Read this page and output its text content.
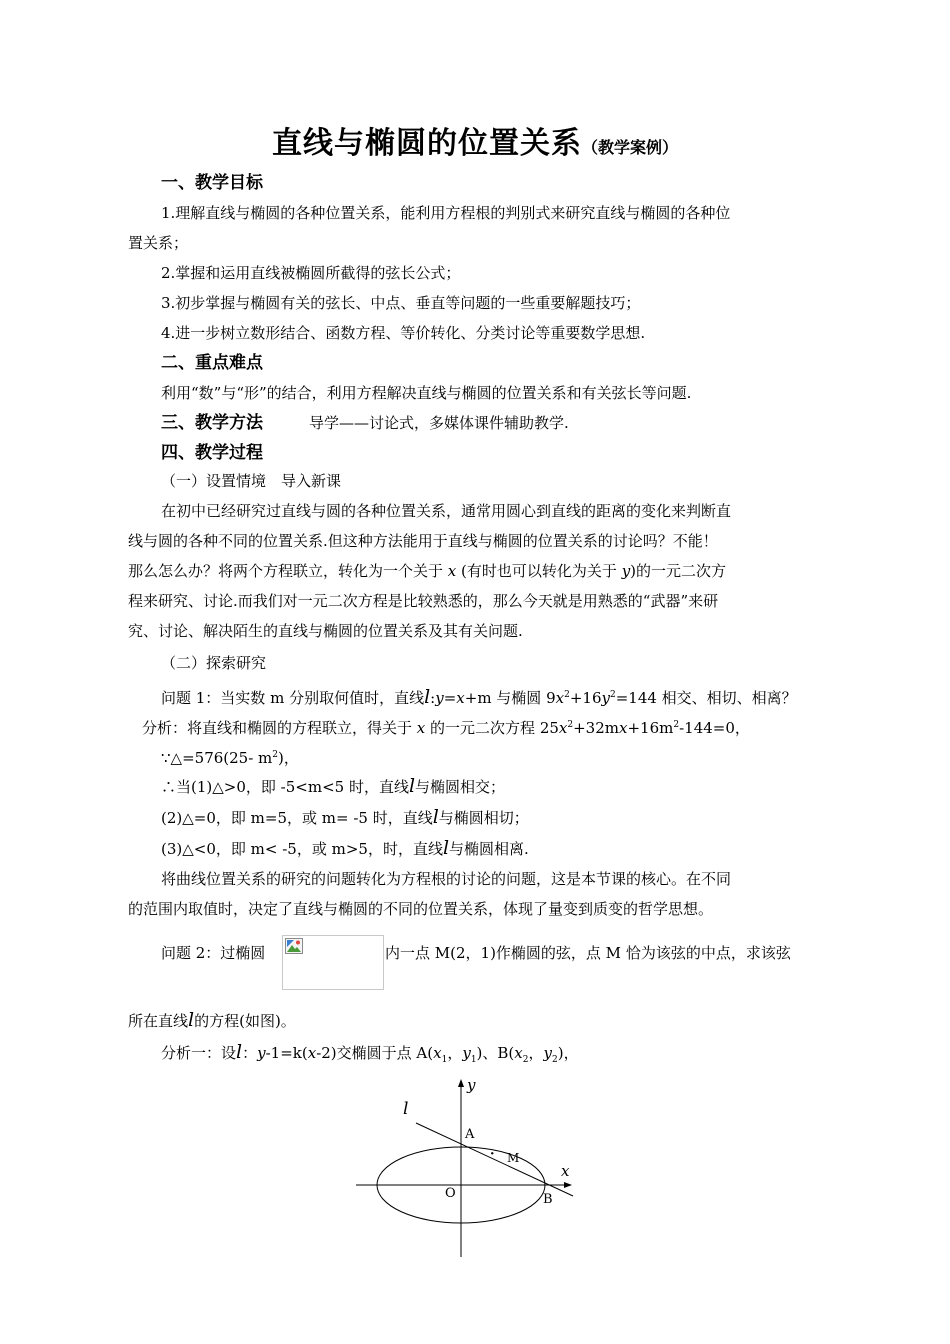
直线与椭圆的位置关系（教学案例）
一、教学目标
1.理解直线与椭圆的各种位置关系，能利用方程根的判别式来研究直线与椭圆的各种位
置关系；
2.掌握和运用直线被椭圆所截得的弦长公式；
3.初步掌握与椭圆有关的弦长、中点、垂直等问题的一些重要解题技巧；
4.进一步树立数形结合、函数方程、等价转化、分类讨论等重要数学思想.
二、重点难点
利用“数”与“形”的结合，利用方程解决直线与椭圆的位置关系和有关弦长等问题.
三、教学方法	导学——讨论式，多媒体课件辅助教学.
四、教学过程
（一）设置情境　导入新课
在初中已经研究过直线与圆的各种位置关系，通常用圆心到直线的距离的变化来判断直
线与圆的各种不同的位置关系.但这种方法能用于直线与椭圆的位置关系的讨论吗？不能！
那么怎么办？将两个方程联立，转化为一个关于 x (有时也可以转化为关于 y)的一元二次方
程来研究、讨论.而我们对一元二次方程是比较熟悉的，那么今天就是用熟悉的“武器”来研
究、讨论、解决陌生的直线与椭圆的位置关系及其有关问题.
（二）探索研究
问题 1：当实数 m 分别取何值时，直线l:y=x+m 与椭圆 $9x^2+16y^2=144$ 相交、相切、相离？
分析：将直线和椭圆的方程联立，得关于 x 的一元二次方程 $25x^2+32mx+16m^2-144=0$，
∵△=576(25- $m^2$)，
∴当(1)△>0，即 -5<m<5 时，直线l与椭圆相交；
(2)△=0，即 m=5，或 m= -5 时，直线l与椭圆相切；
(3)△<0，即 m< -5，或 m>5，时，直线l与椭圆相离.
将曲线位置关系的研究的问题转化为方程根的讨论的问题，这是本节课的核心。在不同
的范围内取值时，决定了直线与椭圆的不同的位置关系，体现了量变到质变的哲学思想。
问题 2：过椭圆	内一点 M(2，1)作椭圆的弦，点 M 恰为该弦的中点，求该弦
所在直线l的方程(如图)。
分析一：设l：y-1=k(x-2)交椭圆于点 $A(x_1$，$y_1$)、$B(x_2$，$y_2$)，
y
x
l
A
· M
O	B
